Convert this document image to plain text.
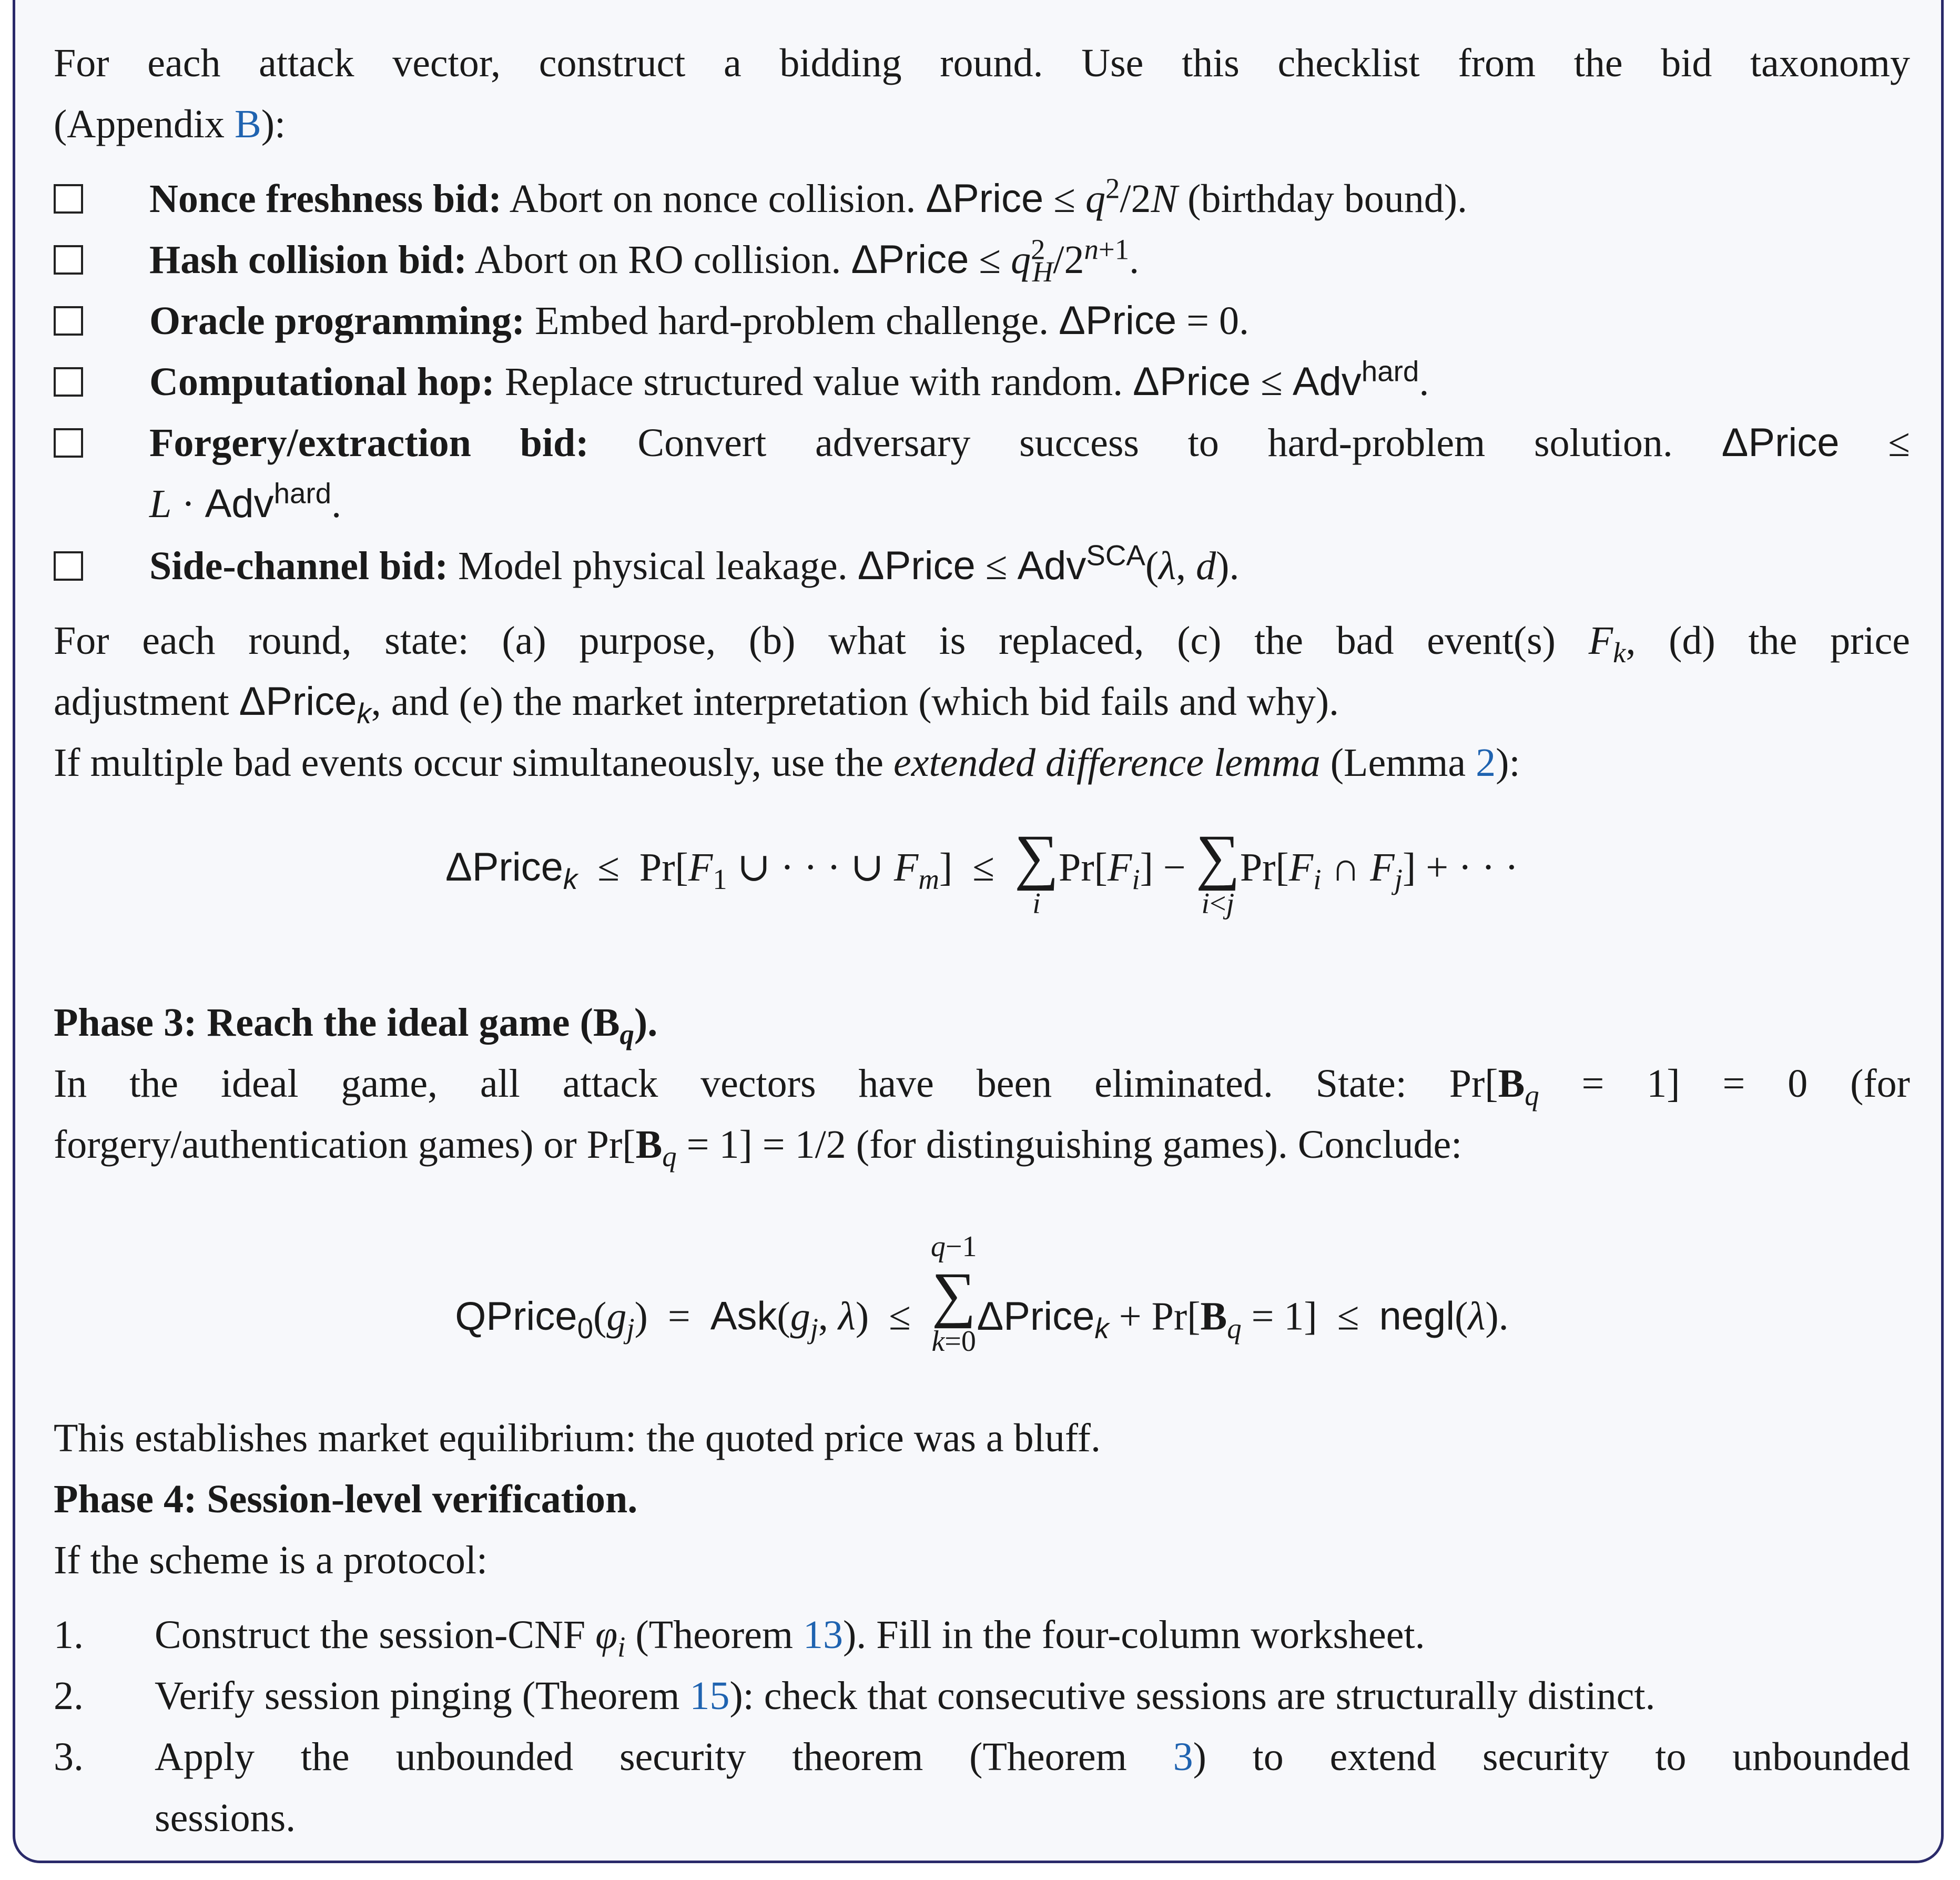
For each attack vector, construct a bidding round. Use this checklist from the bid taxonomy

(Appendix B):

Nonce freshness bid: Abort on nonce collision. ΔPrice ≤ $q^2/2N$ (birthday bound).
Hash collision bid: Abort on RO collision. ΔPrice ≤ $q^2_H/2^{n+1}$.
Oracle programming: Embed hard-problem challenge. ΔPrice = 0.
Computational hop: Replace structured value with random. ΔPrice ≤ Adv$^{hard}$.
Forgery/extraction bid: Convert adversary success to hard-problem solution. ΔPrice ≤
L · Adv$^{hard}$.
Side-channel bid: Model physical leakage. ΔPrice ≤ Adv$^{SCA}$(λ, d).

For each round, state: (a) purpose, (b) what is replaced, (c) the bad event(s) $F_k$, (d) the price

adjustment ΔPrice$_k$, and (e) the market interpretation (which bid fails and why).

If multiple bad events occur simultaneously, use the extended difference lemma (Lemma 2):

ΔPrice$_k$  ≤  $Pr[F_1$ ∪ · · · ∪ $F_m$]  ≤ ∑
i
$Pr[F_i]$ − ∑
i<j
$Pr[F_i$ ∩ $F_j$] + · · ·

Phase 3: Reach the ideal game $(B_q)$.

In the ideal game, all attack vectors have been eliminated. State: $Pr[B_q = 1] = 0$ (for

forgery/authentication games) or $Pr[B_q = 1] = 1/2$ (for distinguishing games). Conclude:

$QPrice_0(g_j) = Ask(g_j$, λ)  ≤
q−1
∑
k=0
ΔPrice$_k$ + $Pr[B_q = 1]$  ≤  negl(λ).

This establishes market equilibrium: the quoted price was a bluff.

Phase 4: Session-level verification.

If the scheme is a protocol:

1.	Construct the session-CNF $\varphi_i$ (Theorem 13). Fill in the four-column worksheet.
2.	Verify session pinging (Theorem 15): check that consecutive sessions are structurally distinct.
3. Apply the unbounded security theorem (Theorem 3) to extend security to unbounded
sessions.
